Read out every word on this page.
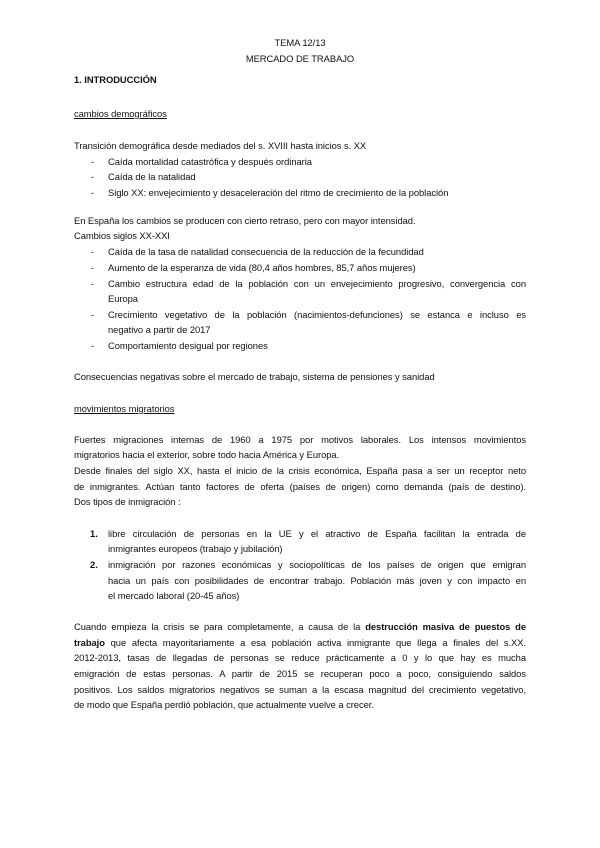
TEMA 12/13
MERCADO DE TRABAJO
1. INTRODUCCIÓN
cambios demográficos
Transición demográfica desde mediados del s. XVIII hasta inicios s. XX
- Caída mortalidad catastrófica y después ordinaria
- Caída de la natalidad
- Siglo XX: envejecimiento y desaceleración del ritmo de crecimiento de la población
En España los cambios se producen con cierto retraso, pero con mayor intensidad.
Cambios siglos XX-XXI
- Caída de la tasa de natalidad consecuencia de la reducción de la fecundidad
- Aumento de la esperanza de vida (80,4 años hombres, 85,7 años mujeres)
- Cambio estructura edad de la población con un envejecimiento progresivo, convergencia con
Europa
- Crecimiento vegetativo de la población (nacimientos-defunciones) se estanca e incluso es
negativo a partir de 2017
- Comportamiento desigual por regiones
Consecuencias negativas sobre el mercado de trabajo, sistema de pensiones y sanidad
movimientos migratorios
Fuertes migraciones internas de 1960 a 1975 por motivos laborales. Los intensos movimientos
migratorios hacia el exterior, sobre todo hacia América y Europa.
Desde finales del siglo XX, hasta el inicio de la crisis económica, España pasa a ser un receptor neto
de inmigrantes. Actúan tanto factores de oferta (países de origen) como demanda (país de destino).
Dos tipos de inmigración :
1. libre circulación de personas en la UE y el atractivo de España facilitan la entrada de
inmigrantes europeos (trabajo y jubilación)
2. inmigración por razones económicas y sociopolíticas de los países de origen que emigran
hacia un país con posibilidades de encontrar trabajo. Población más joven y con impacto en
el mercado laboral (20-45 años)
Cuando empieza la crisis se para completamente, a causa de la destrucción masiva de puestos de
trabajo que afecta mayoritariamente a esa población activa inmigrante que llega a finales del s.XX.
2012-2013, tasas de llegadas de personas se reduce prácticamente a 0 y lo que hay es mucha
emigración de estas personas. A partir de 2015 se recuperan poco a poco, consiguiendo saldos
positivos. Los saldos migratorios negativos se suman a la escasa magnitud del crecimiento vegetativo,
de modo que España perdió población, que actualmente vuelve a crecer.
